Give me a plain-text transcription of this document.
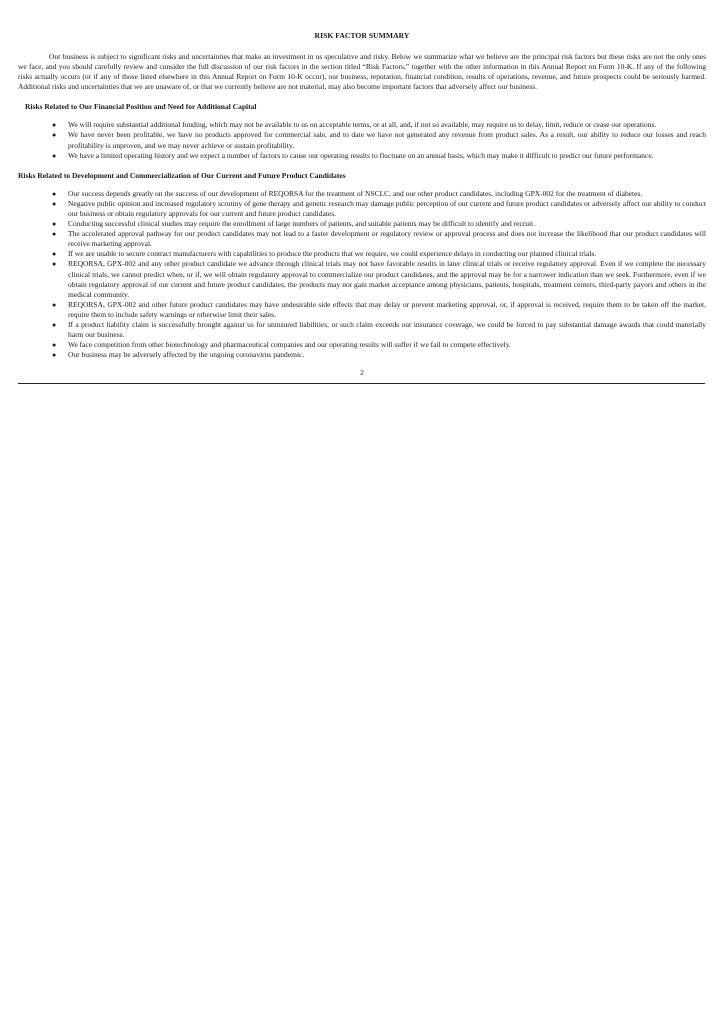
RISK FACTOR SUMMARY

Our business is subject to significant risks and uncertainties that make an investment in us speculative and risky. Below we summarize what we believe are the principal risk factors but these risks are not the only ones we face, and you should carefully review and consider the full discussion of our risk factors in the section titled “Risk Factors,” together with the other information in this Annual Report on Form 10-K. If any of the following risks actually occurs (or if any of those listed elsewhere in this Annual Report on Form 10-K occur), our business, reputation, financial condition, results of operations, revenue, and future prospects could be seriously harmed. Additional risks and uncertainties that we are unaware of, or that we currently believe are not material, may also become important factors that adversely affect our business.

Risks Related to Our Financial Position and Need for Additional Capital
● We will require substantial additional funding, which may not be available to us on acceptable terms, or at all, and, if not so available, may require us to delay, limit, reduce or cease our operations.
● We have never been profitable, we have no products approved for commercial sale, and to date we have not generated any revenue from product sales. As a result, our ability to reduce our losses and reach profitability is unproven, and we may never achieve or sustain profitability.
● We have a limited operating history and we expect a number of factors to cause our operating results to fluctuate on an annual basis, which may make it difficult to predict our future performance.
Risks Related to Development and Commercialization of Our Current and Future Product Candidates
● Our success depends greatly on the success of our development of REQORSA for the treatment of NSCLC, and our other product candidates, including GPX-002 for the treatment of diabetes.
● Negative public opinion and increased regulatory scrutiny of gene therapy and genetic research may damage public perception of our current and future product candidates or adversely affect our ability to conduct our business or obtain regulatory approvals for our current and future product candidates.
● Conducting successful clinical studies may require the enrollment of large numbers of patients, and suitable patients may be difficult to identify and recruit.
● The accelerated approval pathway for our product candidates may not lead to a faster development or regulatory review or approval process and does not increase the likelihood that our product candidates will receive marketing approval.
● If we are unable to secure contract manufacturers with capabilities to produce the products that we require, we could experience delays in conducting our planned clinical trials.
● REQORSA, GPX-002 and any other product candidate we advance through clinical trials may not have favorable results in later clinical trials or receive regulatory approval. Even if we complete the necessary clinical trials, we cannot predict when, or if, we will obtain regulatory approval to commercialize our product candidates, and the approval may be for a narrower indication than we seek. Furthermore, even if we obtain regulatory approval of our current and future product candidates, the products may not gain market acceptance among physicians, patients, hospitals, treatment centers, third-party payors and others in the medical community.
● REQORSA, GPX-002 and other future product candidates may have undesirable side effects that may delay or prevent marketing approval, or, if approval is received, require them to be taken off the market, require them to include safety warnings or otherwise limit their sales.
● If a product liability claim is successfully brought against us for uninsured liabilities, or such claim exceeds our insurance coverage, we could be forced to pay substantial damage awards that could materially harm our business.
● We face competition from other biotechnology and pharmaceutical companies and our operating results will suffer if we fail to compete effectively.
● Our business may be adversely affected by the ongoing coronavirus pandemic.
2
